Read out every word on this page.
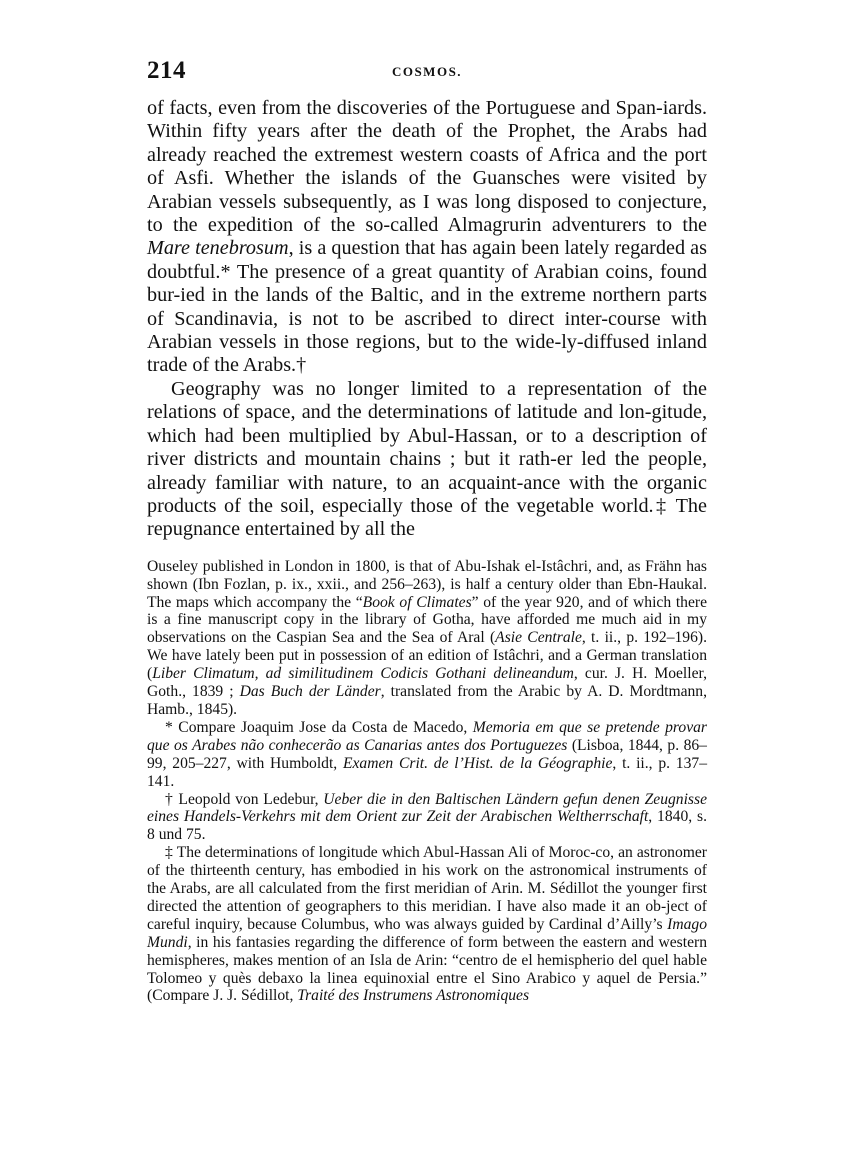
214	COSMOS.

of facts, even from the discoveries of the Portuguese and Span-iards. Within fifty years after the death of the Prophet, the Arabs had already reached the extremest western coasts of Africa and the port of Asfi. Whether the islands of the Guansches were visited by Arabian vessels subsequently, as I was long disposed to conjecture, to the expedition of the so-called Almagrurin adventurers to the Mare tenebrosum, is a question that has again been lately regarded as doubtful.* The presence of a great quantity of Arabian coins, found bur-ied in the lands of the Baltic, and in the extreme northern parts of Scandinavia, is not to be ascribed to direct inter-course with Arabian vessels in those regions, but to the wide-ly-diffused inland trade of the Arabs.†

Geography was no longer limited to a representation of the relations of space, and the determinations of latitude and lon-gitude, which had been multiplied by Abul-Hassan, or to a description of river districts and mountain chains ; but it rath-er led the people, already familiar with nature, to an acquaint-ance with the organic products of the soil, especially those of the vegetable world.‡ The repugnance entertained by all the

Ouseley published in London in 1800, is that of Abu-Ishak el-Istâchri, and, as Frähn has shown (Ibn Fozlan, p. ix., xxii., and 256–263), is half a century older than Ebn-Haukal. The maps which accompany the “Book of Climates” of the year 920, and of which there is a fine manuscript copy in the library of Gotha, have afforded me much aid in my observations on the Caspian Sea and the Sea of Aral (Asie Centrale, t. ii., p. 192–196). We have lately been put in possession of an edition of Istâchri, and a German translation (Liber Climatum, ad similitudinem Codicis Gothani delineandum, cur. J. H. Moeller, Goth., 1839 ; Das Buch der Länder, translated from the Arabic by A. D. Mordtmann, Hamb., 1845).

* Compare Joaquim Jose da Costa de Macedo, Memoria em que se pretende provar que os Arabes não conhecerão as Canarias antes dos Portuguezes (Lisboa, 1844, p. 86–99, 205–227, with Humboldt, Examen Crit. de l’Hist. de la Géographie, t. ii., p. 137–141.

† Leopold von Ledebur, Ueber die in den Baltischen Ländern gefun denen Zeugnisse eines Handels-Verkehrs mit dem Orient zur Zeit der Arabischen Weltherrschaft, 1840, s. 8 und 75.

‡ The determinations of longitude which Abul-Hassan Ali of Moroc-co, an astronomer of the thirteenth century, has embodied in his work on the astronomical instruments of the Arabs, are all calculated from the first meridian of Arin. M. Sédillot the younger first directed the attention of geographers to this meridian. I have also made it an ob-ject of careful inquiry, because Columbus, who was always guided by Cardinal d’Ailly’s Imago Mundi, in his fantasies regarding the difference of form between the eastern and western hemispheres, makes mention of an Isla de Arin: “centro de el hemispherio del quel hable Tolomeo y quès debaxo la linea equinoxial entre el Sino Arabico y aquel de Persia.” (Compare J. J. Sédillot, Traité des Instrumens Astronomiques
